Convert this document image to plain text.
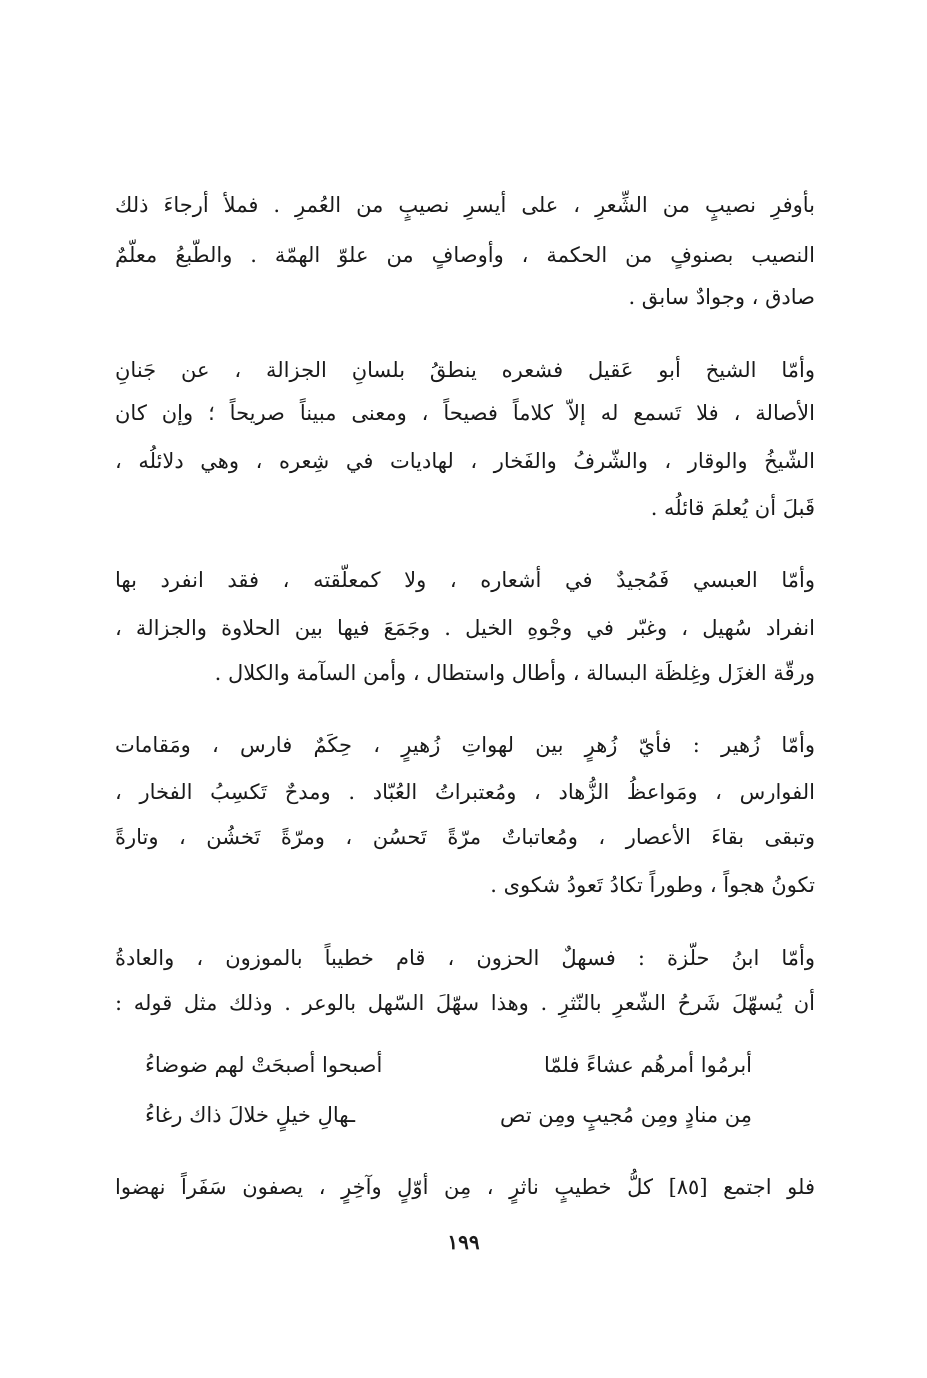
بأوفرِ نصيبٍ من الشِّعرِ ، على أيسرِ نصيبٍ من العُمرِ . فملأ أرجاءَ ذلك
النصيب بصنوفٍ من الحكمة ، وأوصافٍ من علوّ الهمّة . والطّبعُ معلّمٌ
صادق ، وجوادٌ سابق .
وأمّا الشيخ أبو عَقيل فشعره ينطقُ بلسانِ الجزالة ، عن جَنانِ
الأصالة ، فلا تَسمع له إلاّ كلاماً فصيحاً ، ومعنى مبيناً صريحاً ؛ وإن كان
الشّيخُ والوقار ، والشّرفُ والفَخار ، لهاديات في شِعره ، وهي دلائلُه ،
قَبلَ أن يُعلمَ قائلُه .
وأمّا العبسي فَمُجيدٌ في أشعاره ، ولا كمعلّقته ، فقد انفرد بها
انفراد سُهيل ، وغبّر في وجْوهِ الخيل . وجَمَعَ فيها بين الحلاوة والجزالة ،
ورقّة الغزَل وغِلظَة البسالة ، وأطال واستطال ، وأمن السآمة والكلال .
وأمّا زُهير : فأيّ زُهرٍ بين لهواتِ زُهيرٍ ، حِكَمٌ فارس ، ومَقامات
الفوارس ، ومَواعظُ الزُّهاد ، ومُعتبراتُ العُبّاد . ومدحٌ تَكسِبُ الفخار ،
وتبقى بقاءَ الأعصار ، ومُعاتباتٌ مرّةً تَحسُن ، ومرّةً تَخشُن ، وتارةً
تكونُ هجواً ، وطوراً تكادُ تَعودُ شكوى .
وأمّا ابنُ حلّزة : فسهلٌ الحزون ، قام خطيباً بالموزون ، والعادةُ
أن يُسهّلَ شَرحُ الشّعرِ بالنّثرِ . وهذا سهّلَ السّهل بالوعر . وذلك مثل قوله :
أبرمُوا أمرهُم عشاءً فلمّا
أصبحوا أصبحَتْ لهم ضوضاءُ
مِن منادٍ ومِن مُجيبٍ ومِن تص
ـهالِ خيلٍ خلالَ ذاك رغاءُ
فلو اجتمع [٨٥] كلُّ خطيبٍ ناثرٍ ، مِن أوّلٍ وآخِرٍ ، يصفون سَفَراً نهضوا
١٩٩
